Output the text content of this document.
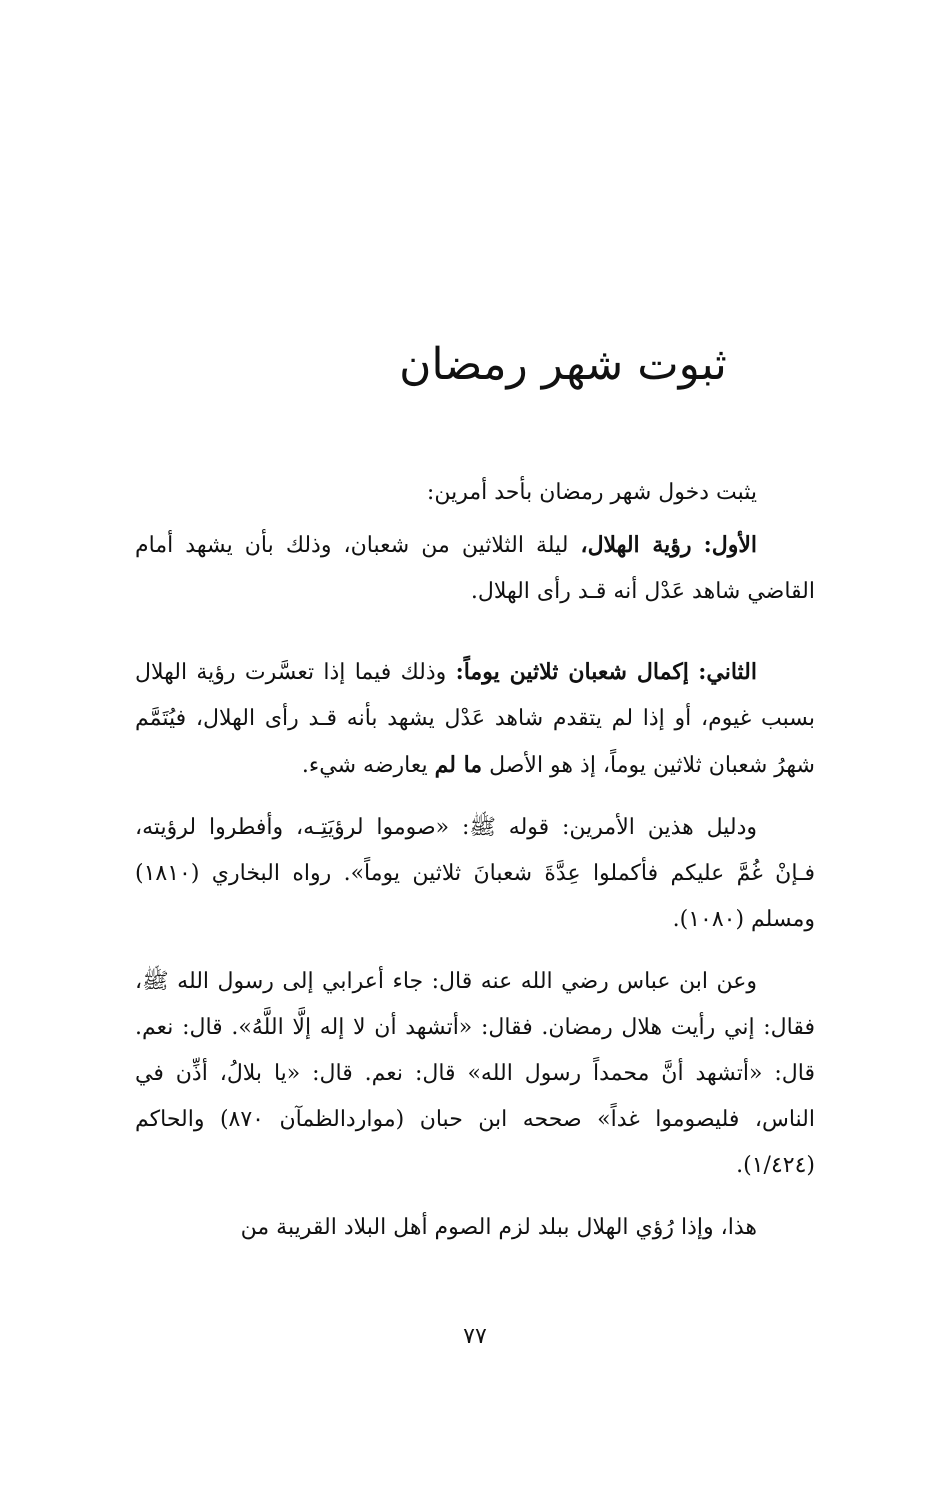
ثبوت شهر رمضان

يثبت دخول شهر رمضان بأحد أمرين:

الأول: رؤية الهلال، ليلة الثلاثين من شعبان، وذلك بأن يشهد أمام القاضي شاهد عَدْل أنه قـد رأى الهلال.

الثاني: إكمال شعبان ثلاثين يوماً: وذلك فيما إذا تعسَّرت رؤية الهلال بسبب غيوم، أو إذا لم يتقدم شاهد عَدْل يشهد بأنه قـد رأى الهلال، فيُتَمَّم شهرُ شعبان ثلاثين يوماً، إذ هو الأصل ما لم يعارضه شيء.

ودليل هذين الأمرين: قوله ﷺ: «صوموا لرؤيَتِـه، وأفطروا لرؤيته، فـإنْ غُمَّ عليكم فأكملوا عِدَّةَ شعبانَ ثلاثين يوماً». رواه البخاري (١٨١٠) ومسلم (١٠٨٠).

وعن ابن عباس رضي الله عنه قال: جاء أعرابي إلى رسول الله ﷺ، فقال: إني رأيت هلال رمضان. فقال: «أتشهد أن لا إله إلَّا اللَّهُ». قال: نعم. قال: «أتشهد أنَّ محمداً رسول الله» قال: نعم. قال: «يا بلالُ، أذِّن في الناس، فليصوموا غداً» صححه ابن حبان (مواردالظمآن ٨٧٠) والحاكم (١/٤٢٤).

هذا، وإذا رُؤي الهلال ببلد لزم الصوم أهل البلاد القريبة من

٧٧
